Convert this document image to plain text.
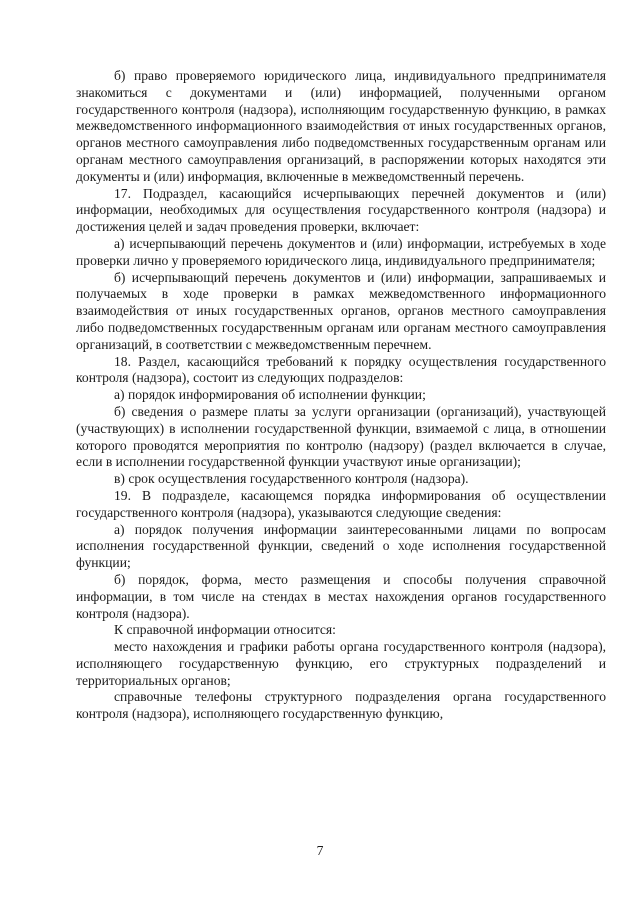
б) право проверяемого юридического лица, индивидуального предпринимателя знакомиться с документами и (или) информацией, полученными органом государственного контроля (надзора), исполняющим государственную функцию, в рамках межведомственного информационного взаимодействия от иных государственных органов, органов местного самоуправления либо подведомственных государственным органам или органам местного самоуправления организаций, в распоряжении которых находятся эти документы и (или) информация, включенные в межведомственный перечень.

17. Подраздел, касающийся исчерпывающих перечней документов и (или) информации, необходимых для осуществления государственного контроля (надзора) и достижения целей и задач проведения проверки, включает:

а) исчерпывающий перечень документов и (или) информации, истребуемых в ходе проверки лично у проверяемого юридического лица, индивидуального предпринимателя;

б) исчерпывающий перечень документов и (или) информации, запрашиваемых и получаемых в ходе проверки в рамках межведомственного информационного взаимодействия от иных государственных органов, органов местного самоуправления либо подведомственных государственным органам или органам местного самоуправления организаций, в соответствии с межведомственным перечнем.

18. Раздел, касающийся требований к порядку осуществления государственного контроля (надзора), состоит из следующих подразделов:

а) порядок информирования об исполнении функции;

б) сведения о размере платы за услуги организации (организаций), участвующей (участвующих) в исполнении государственной функции, взимаемой с лица, в отношении которого проводятся мероприятия по контролю (надзору) (раздел включается в случае, если в исполнении государственной функции участвуют иные организации);

в) срок осуществления государственного контроля (надзора).

19. В подразделе, касающемся порядка информирования об осуществлении государственного контроля (надзора), указываются следующие сведения:

а) порядок получения информации заинтересованными лицами по вопросам исполнения государственной функции, сведений о ходе исполнения государственной функции;

б) порядок, форма, место размещения и способы получения справочной информации, в том числе на стендах в местах нахождения органов государственного контроля (надзора).

К справочной информации относится:

место нахождения и графики работы органа государственного контроля (надзора), исполняющего государственную функцию, его структурных подразделений и территориальных органов;

справочные телефоны структурного подразделения органа государственного контроля (надзора), исполняющего государственную функцию,

7
